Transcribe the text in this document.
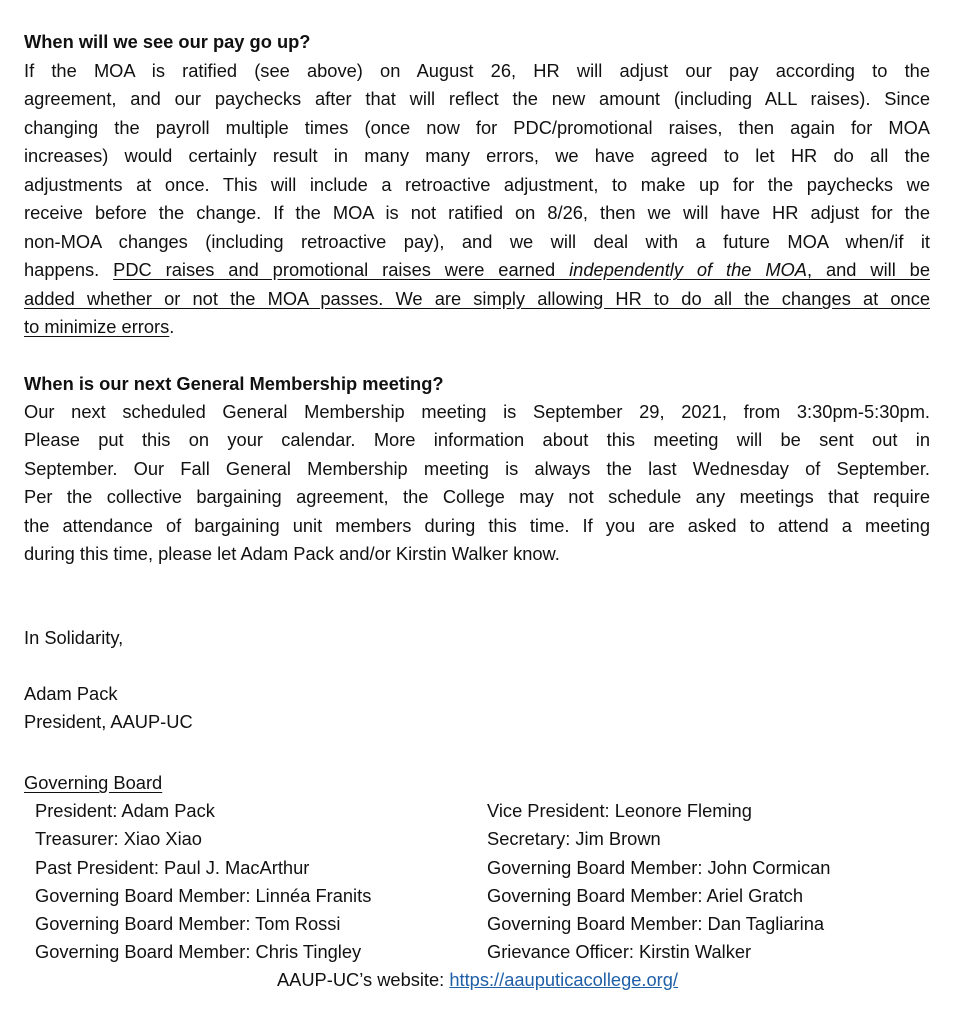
When will we see our pay go up?
If the MOA is ratified (see above) on August 26, HR will adjust our pay according to the
agreement, and our paychecks after that will reflect the new amount (including ALL raises). Since
changing the payroll multiple times (once now for PDC/promotional raises, then again for MOA
increases) would certainly result in many many errors, we have agreed to let HR do all the
adjustments at once. This will include a retroactive adjustment, to make up for the paychecks we
receive before the change. If the MOA is not ratified on 8/26, then we will have HR adjust for the
non-MOA changes (including retroactive pay), and we will deal with a future MOA when/if it
happens. PDC raises and promotional raises were earned independently of the MOA, and will be
added whether or not the MOA passes. We are simply allowing HR to do all the changes at once
to minimize errors.
When is our next General Membership meeting?
Our next scheduled General Membership meeting is September 29, 2021, from 3:30pm-5:30pm.
Please put this on your calendar. More information about this meeting will be sent out in
September. Our Fall General Membership meeting is always the last Wednesday of September.
Per the collective bargaining agreement, the College may not schedule any meetings that require
the attendance of bargaining unit members during this time. If you are asked to attend a meeting
during this time, please let Adam Pack and/or Kirstin Walker know.
In Solidarity,
Adam Pack
President, AAUP-UC
Governing Board
President: Adam Pack
Treasurer: Xiao Xiao
Past President: Paul J. MacArthur
Governing Board Member: Linnéa Franits
Governing Board Member: Tom Rossi
Governing Board Member: Chris Tingley
Vice President: Leonore Fleming
Secretary: Jim Brown
Governing Board Member: John Cormican
Governing Board Member: Ariel Gratch
Governing Board Member: Dan Tagliarina
Grievance Officer: Kirstin Walker
AAUP-UC’s website: https://aauputicacollege.org/
